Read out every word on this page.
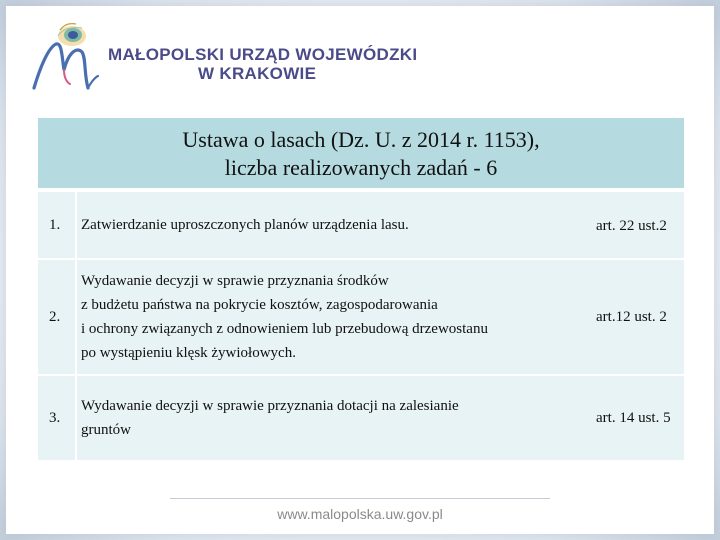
MAŁOPOLSKI URZĄD WOJEWÓDZKI
W KRAKOWIE
Ustawa o lasach (Dz. U. z 2014 r. 1153),
liczba realizowanych zadań - 6
1. Zatwierdzanie uproszczonych planów urządzenia lasu.	art. 22 ust.2
2.
Wydawanie decyzji w sprawie przyznania środków
z budżetu państwa na pokrycie kosztów, zagospodarowania
i ochrony związanych z odnowieniem lub przebudową drzewostanu
po wystąpieniu klęsk żywiołowych.
art.12 ust. 2
3.
Wydawanie decyzji w sprawie przyznania dotacji na zalesianie
gruntów
art. 14 ust. 5
www.malopolska.uw.gov.pl
